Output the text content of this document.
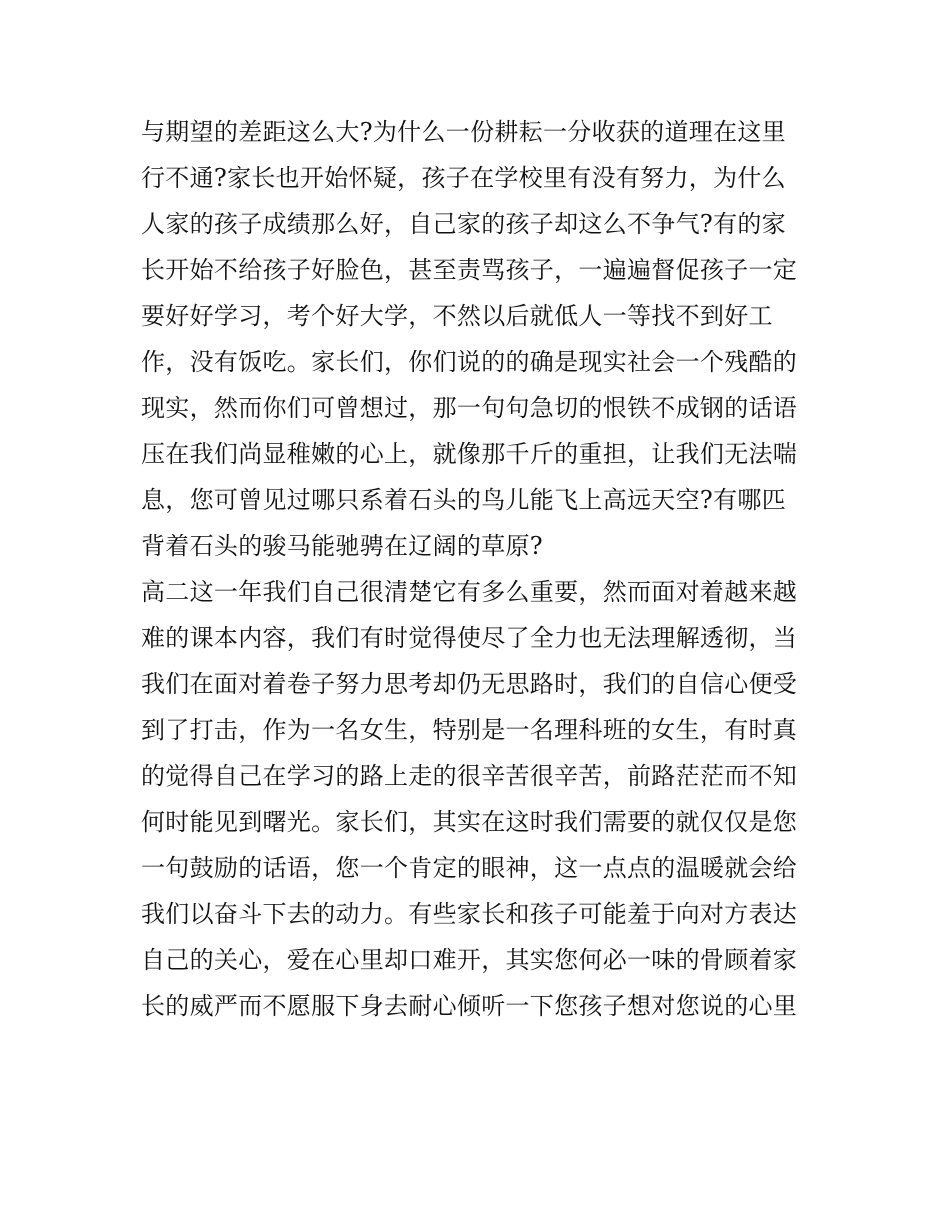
与期望的差距这么大?为什么一份耕耘一分收获的道理在这里
行不通?家长也开始怀疑，孩子在学校里有没有努力，为什么
人家的孩子成绩那么好，自己家的孩子却这么不争气?有的家
长开始不给孩子好脸色，甚至责骂孩子，一遍遍督促孩子一定
要好好学习，考个好大学，不然以后就低人一等找不到好工
作，没有饭吃。家长们，你们说的的确是现实社会一个残酷的
现实，然而你们可曾想过，那一句句急切的恨铁不成钢的话语
压在我们尚显稚嫩的心上，就像那千斤的重担，让我们无法喘
息，您可曾见过哪只系着石头的鸟儿能飞上高远天空?有哪匹
背着石头的骏马能驰骋在辽阔的草原?
高二这一年我们自己很清楚它有多么重要，然而面对着越来越
难的课本内容，我们有时觉得使尽了全力也无法理解透彻，当
我们在面对着卷子努力思考却仍无思路时，我们的自信心便受
到了打击，作为一名女生，特别是一名理科班的女生，有时真
的觉得自己在学习的路上走的很辛苦很辛苦，前路茫茫而不知
何时能见到曙光。家长们，其实在这时我们需要的就仅仅是您
一句鼓励的话语，您一个肯定的眼神，这一点点的温暖就会给
我们以奋斗下去的动力。有些家长和孩子可能羞于向对方表达
自己的关心，爱在心里却口难开，其实您何必一味的骨顾着家
长的威严而不愿服下身去耐心倾听一下您孩子想对您说的心里
